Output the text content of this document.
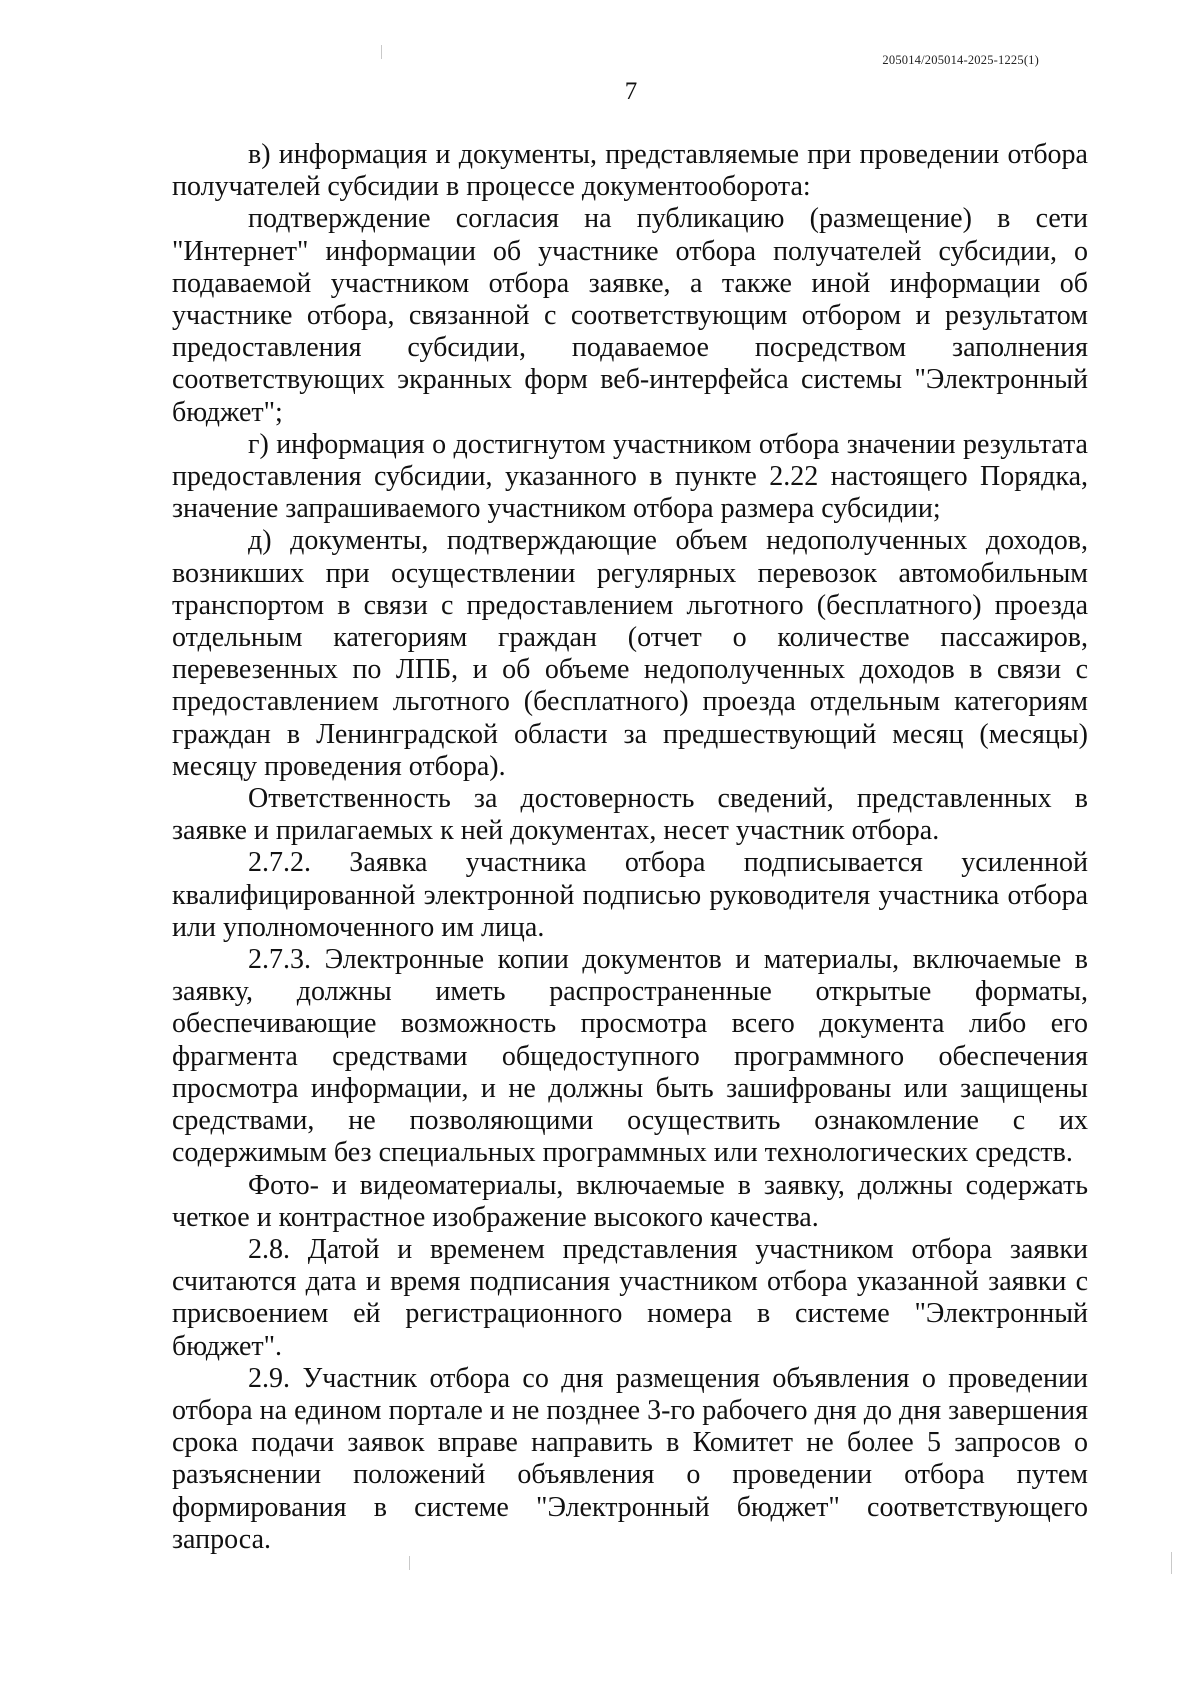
205014/205014-2025-1225(1)
7

в) информация и документы, представляемые при проведении отбора получателей субсидии в процессе документооборота:

подтверждение согласия на публикацию (размещение) в сети "Интернет" информации об участнике отбора получателей субсидии, о подаваемой участником отбора заявке, а также иной информации об участнике отбора, связанной с соответствующим отбором и результатом предоставления субсидии, подаваемое посредством заполнения соответствующих экранных форм веб-интерфейса системы "Электронный бюджет";

г) информация о достигнутом участником отбора значении результата предоставления субсидии, указанного в пункте 2.22 настоящего Порядка, значение запрашиваемого участником отбора размера субсидии;

д) документы, подтверждающие объем недополученных доходов, возникших при осуществлении регулярных перевозок автомобильным транспортом в связи с предоставлением льготного (бесплатного) проезда отдельным категориям граждан (отчет о количестве пассажиров, перевезенных по ЛПБ, и об объеме недополученных доходов в связи с предоставлением льготного (бесплатного) проезда отдельным категориям граждан в Ленинградской области за предшествующий месяц (месяцы) месяцу проведения отбора).

Ответственность за достоверность сведений, представленных в заявке и прилагаемых к ней документах, несет участник отбора.

2.7.2. Заявка участника отбора подписывается усиленной квалифицированной электронной подписью руководителя участника отбора или уполномоченного им лица.

2.7.3. Электронные копии документов и материалы, включаемые в заявку, должны иметь распространенные открытые форматы, обеспечивающие возможность просмотра всего документа либо его фрагмента средствами общедоступного программного обеспечения просмотра информации, и не должны быть зашифрованы или защищены средствами, не позволяющими осуществить ознакомление с их содержимым без специальных программных или технологических средств.

Фото- и видеоматериалы, включаемые в заявку, должны содержать четкое и контрастное изображение высокого качества.

2.8. Датой и временем представления участником отбора заявки считаются дата и время подписания участником отбора указанной заявки с присвоением ей регистрационного номера в системе "Электронный бюджет".

2.9. Участник отбора со дня размещения объявления о проведении отбора на едином портале и не позднее 3-го рабочего дня до дня завершения срока подачи заявок вправе направить в Комитет не более 5 запросов о разъяснении положений объявления о проведении отбора путем формирования в системе "Электронный бюджет" соответствующего запроса.
